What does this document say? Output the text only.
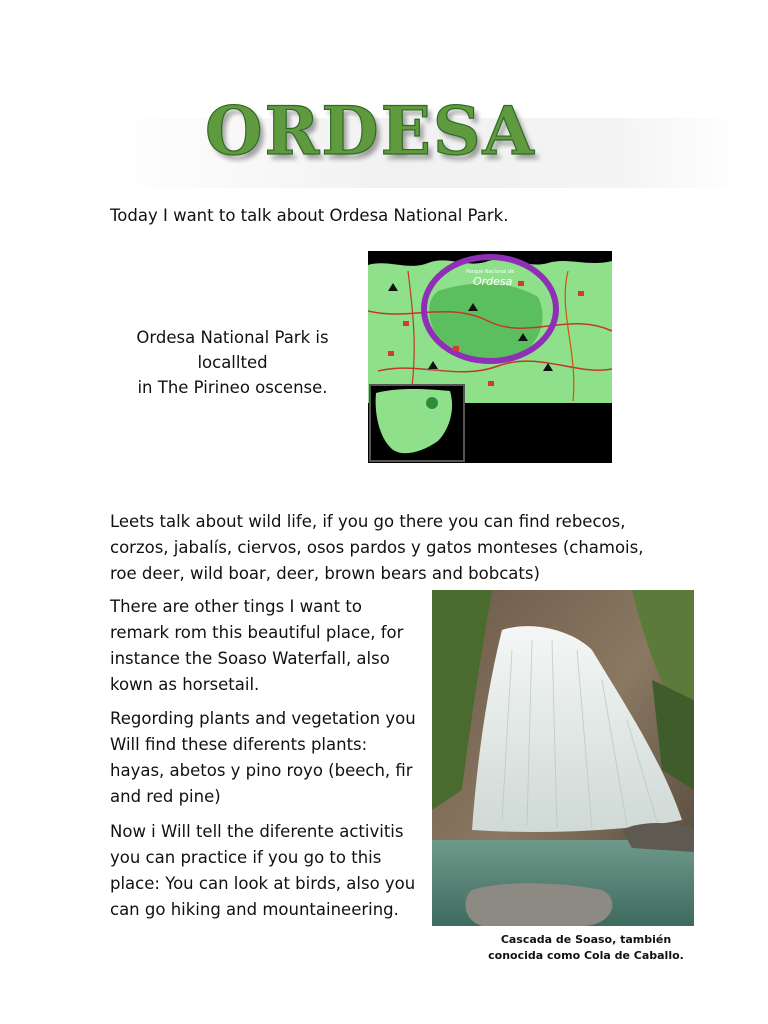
ORDESA
Today I want to talk about Ordesa National Park.
Ordesa National Park is
locallted
in The Pirineo oscense.
Parque Nacional de
Ordesa
Leets talk about wild life, if you go there you can find rebecos,
corzos, jabalís, ciervos, osos pardos y gatos monteses (chamois,
roe deer, wild boar, deer, brown bears and bobcats)
There are other tings I want to
remark rom this beautiful place, for
instance the Soaso Waterfall, also
kown as horsetail.
Regording plants and vegetation you
Will find these diferents plants:
hayas, abetos y pino royo (beech, fir
and red pine)
Now i Will tell the diferente activitis
you can practice if you go to this
place: You can look at birds, also you
can go hiking and mountaineering.
Cascada de Soaso, también
conocida como Cola de Caballo.
